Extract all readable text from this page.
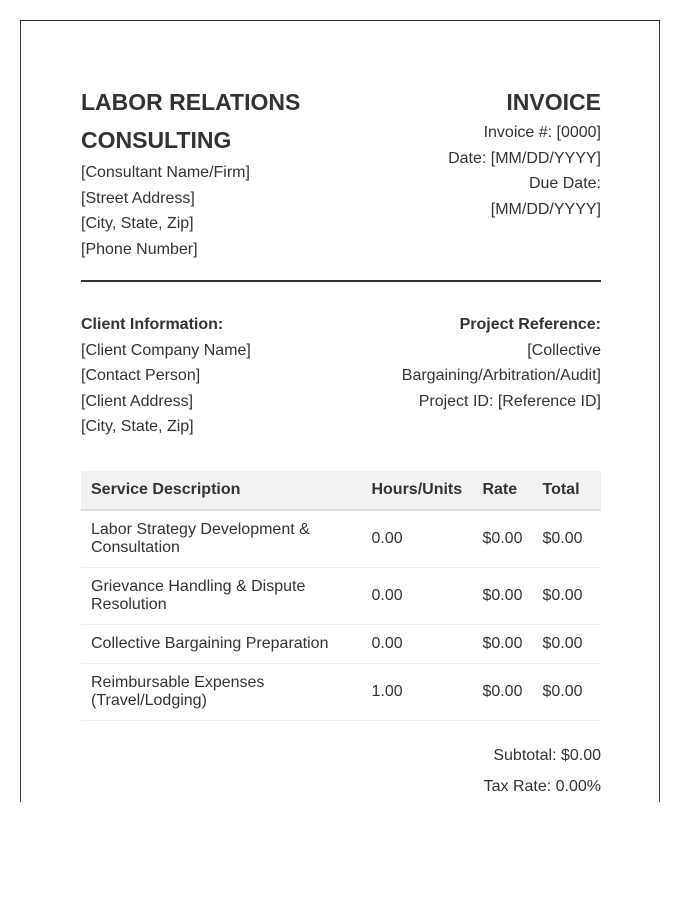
LABOR RELATIONS
CONSULTING
[Consultant Name/Firm]
[Street Address]
[City, State, Zip]
[Phone Number]
INVOICE
Invoice #: [0000]
Date: [MM/DD/YYYY]
Due Date:
[MM/DD/YYYY]
Client Information:
[Client Company Name]
[Contact Person]
[Client Address]
[City, State, Zip]
Project Reference:
[Collective
Bargaining/Arbitration/Audit]
Project ID: [Reference ID]
Service Description	Hours/Units	Rate	Total
Labor Strategy Development & Consultation	0.00	$0.00	$0.00
Grievance Handling & Dispute Resolution	0.00	$0.00	$0.00
Collective Bargaining Preparation	0.00	$0.00	$0.00
Reimbursable Expenses (Travel/Lodging)	1.00	$0.00	$0.00
Subtotal: $0.00
Tax Rate: 0.00%
